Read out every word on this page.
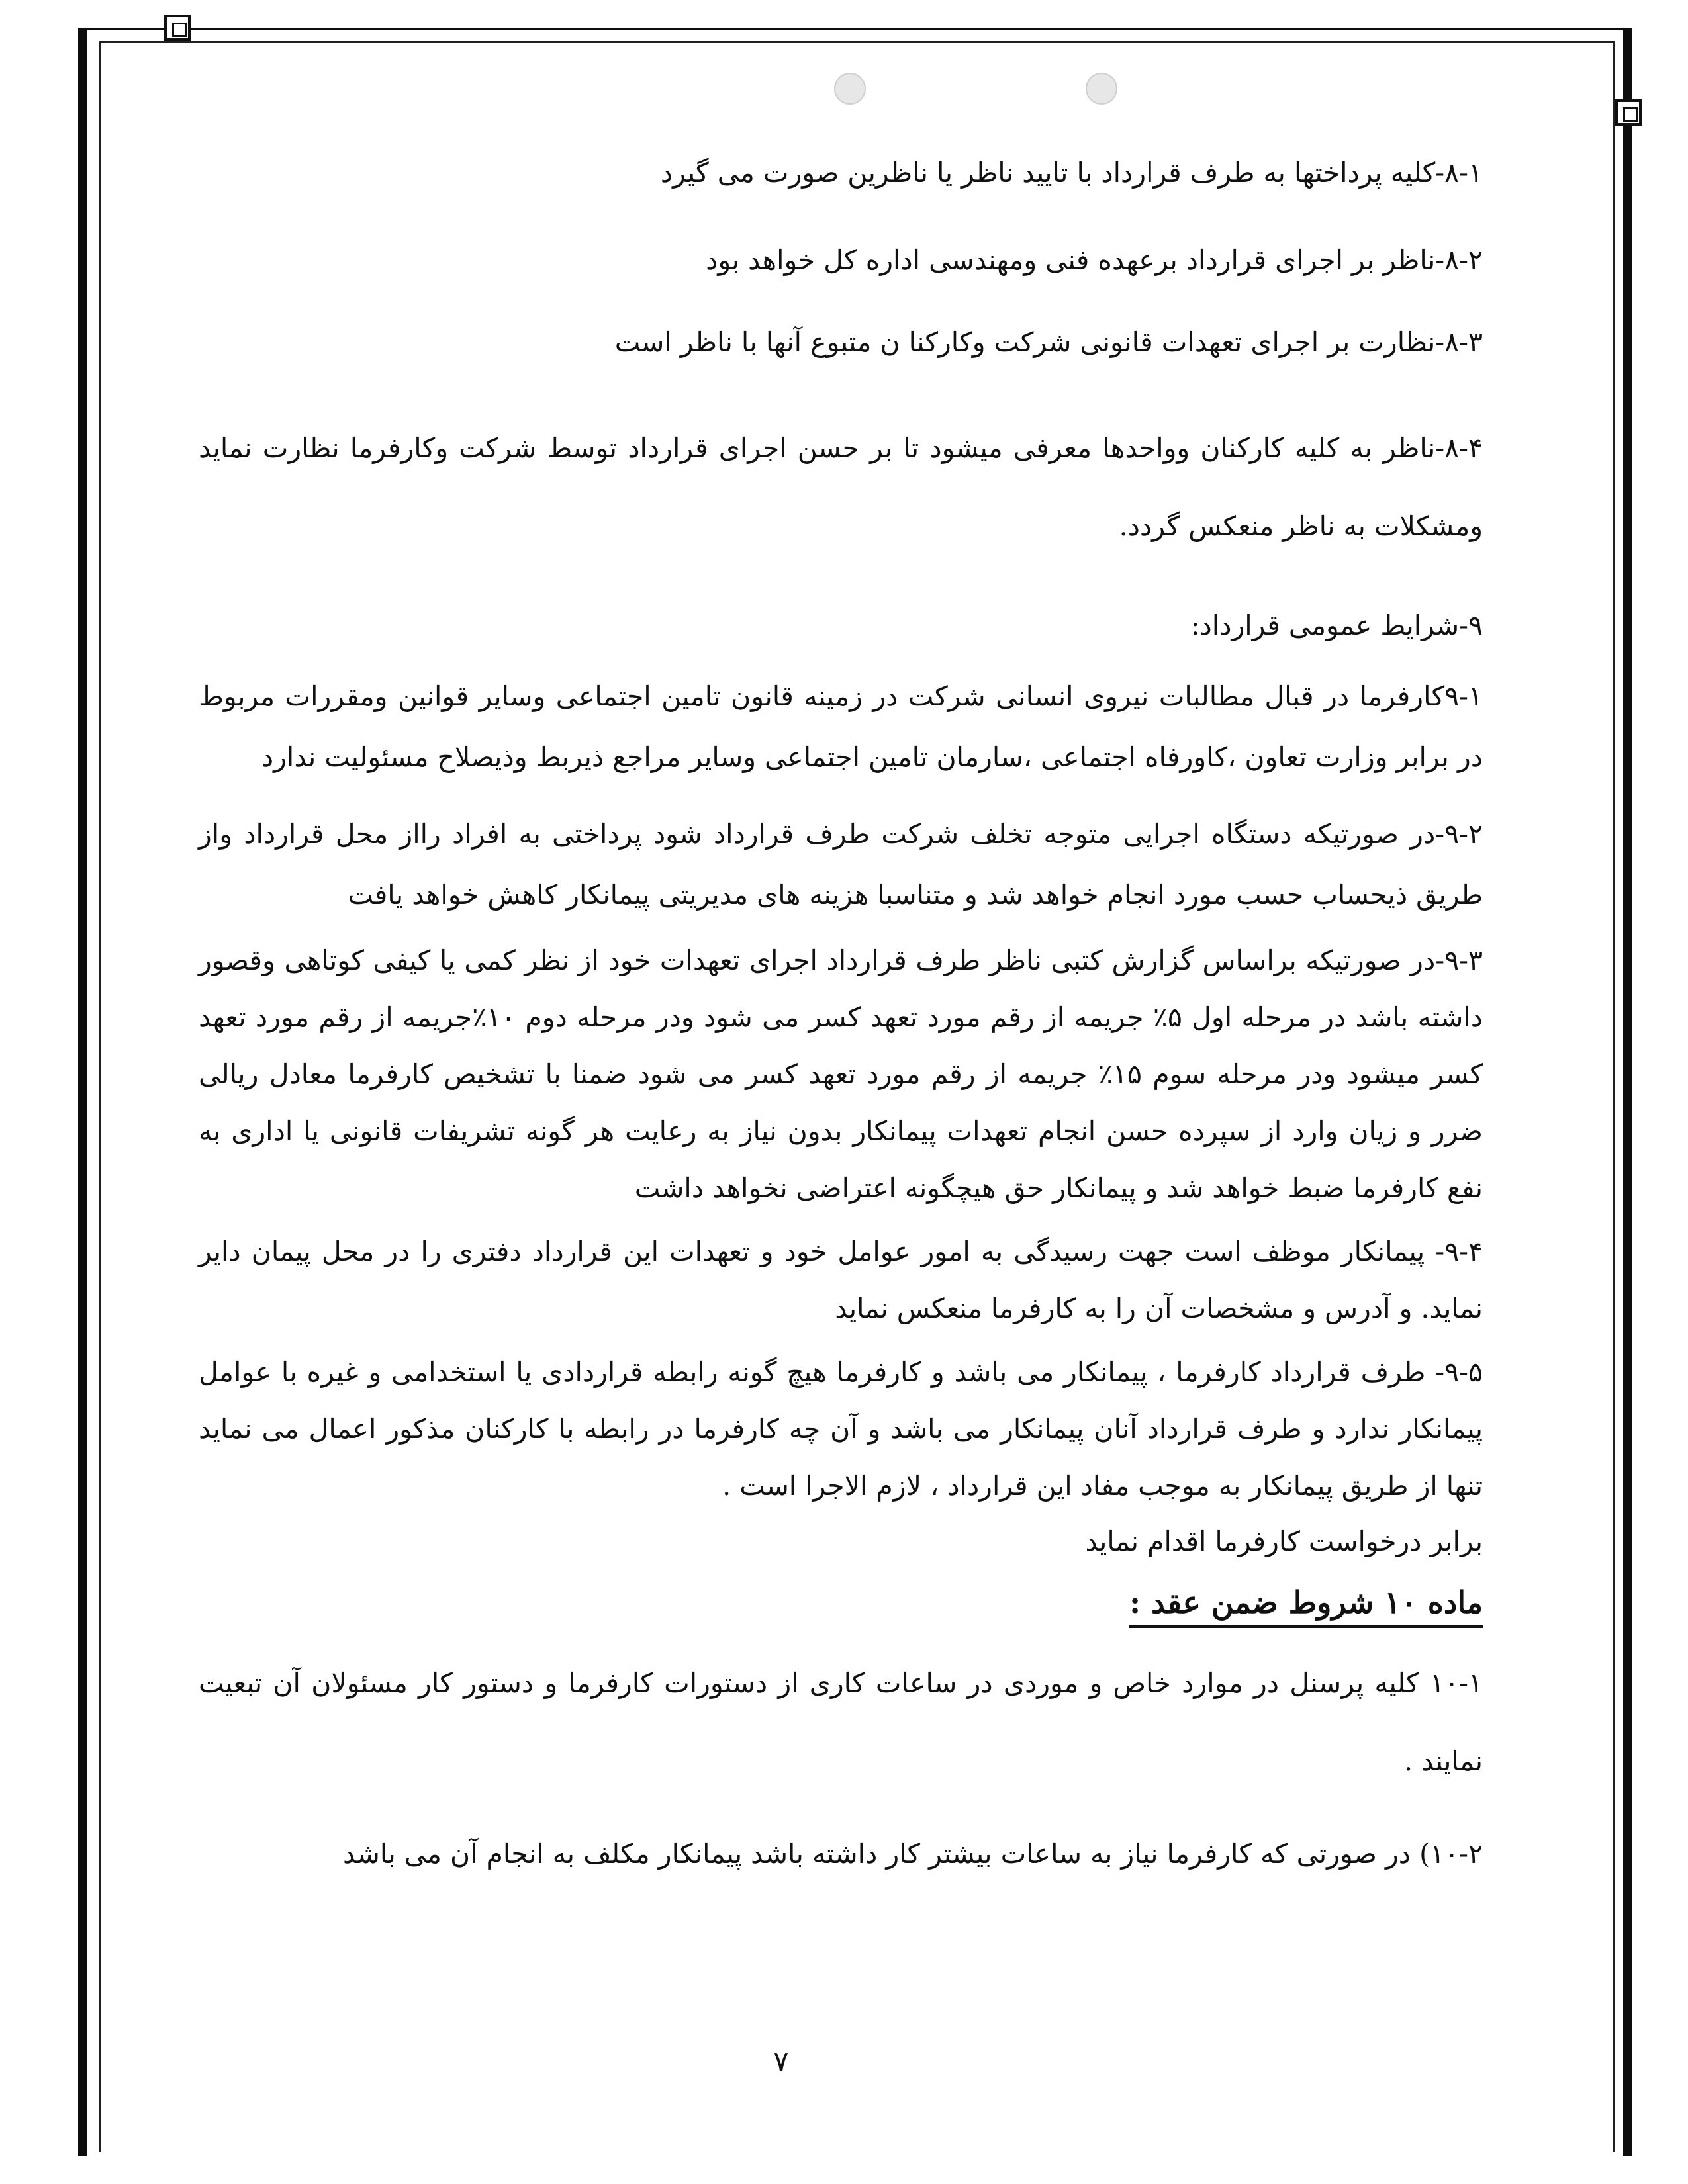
۸-۱-کلیه پرداختها به طرف قرارداد با تایید ناظر یا ناظرین صورت می گیرد

۸-۲-ناظر بر اجرای قرارداد برعهده فنی ومهندسی اداره کل خواهد بود

۸-۳-نظارت بر اجرای تعهدات قانونی شرکت وکارکنا ن متبوع آنها با ناظر است

۸-۴-ناظر به کلیه کارکنان وواحدها معرفی میشود تا بر حسن اجرای قرارداد توسط شرکت وکارفرما نظارت نماید ومشکلات به ناظر منعکس گردد.

۹-شرایط عمومی قرارداد:

۹-۱کارفرما در قبال مطالبات نیروی انسانی شرکت در زمینه قانون تامین اجتماعی وسایر قوانین ومقررات مربوط در برابر وزارت تعاون ،کاورفاه اجتماعی ،سارمان تامین اجتماعی وسایر مراجع ذیربط وذیصلاح مسئولیت ندارد

۹-۲-در صورتیکه دستگاه اجرایی متوجه تخلف شرکت طرف قرارداد شود پرداختی به افراد رااز محل قرارداد واز طریق ذیحساب حسب مورد انجام خواهد شد و متناسبا هزینه های مدیریتی پیمانکار کاهش خواهد یافت

۹-۳-در صورتیکه براساس گزارش کتبی ناظر طرف قرارداد اجرای تعهدات خود از نظر کمی یا کیفی کوتاهی وقصور داشته باشد در مرحله اول ۵٪ جریمه از رقم مورد تعهد کسر می شود ودر مرحله دوم ۱۰٪جریمه از رقم مورد تعهد کسر میشود ودر مرحله سوم ۱۵٪ جریمه از رقم مورد تعهد کسر می شود ضمنا با تشخیص کارفرما معادل ریالی ضرر و زیان وارد از سپرده حسن انجام تعهدات پیمانکار بدون نیاز به رعایت هر گونه تشریفات قانونی یا اداری به نفع کارفرما ضبط خواهد شد و پیمانکار حق هیچگونه اعتراضی نخواهد داشت

۹-۴- پیمانکار موظف است جهت رسیدگی به امور عوامل خود و تعهدات این قرارداد دفتری را در محل پیمان دایر نماید. و آدرس و مشخصات آن را به کارفرما منعکس نماید

۹-۵- طرف قرارداد کارفرما ، پیمانکار می باشد و کارفرما هیچ گونه رابطه قراردادی یا استخدامی و غیره با عوامل پیمانکار ندارد و طرف قرارداد آنان پیمانکار می باشد و آن چه کارفرما در رابطه با کارکنان مذکور اعمال می نماید تنها از طریق پیمانکار به موجب مفاد این قرارداد ، لازم الاجرا است .

برابر درخواست کارفرما اقدام نماید

ماده ۱۰ شروط ضمن عقد :

۱۰-۱ کلیه پرسنل در موارد خاص و موردی در ساعات کاری از دستورات کارفرما و دستور کار مسئولان آن تبعیت نمایند .

۱۰-۲) در صورتی که کارفرما نیاز به ساعات بیشتر کار داشته باشد پیمانکار مکلف به انجام آن می باشد

۷
